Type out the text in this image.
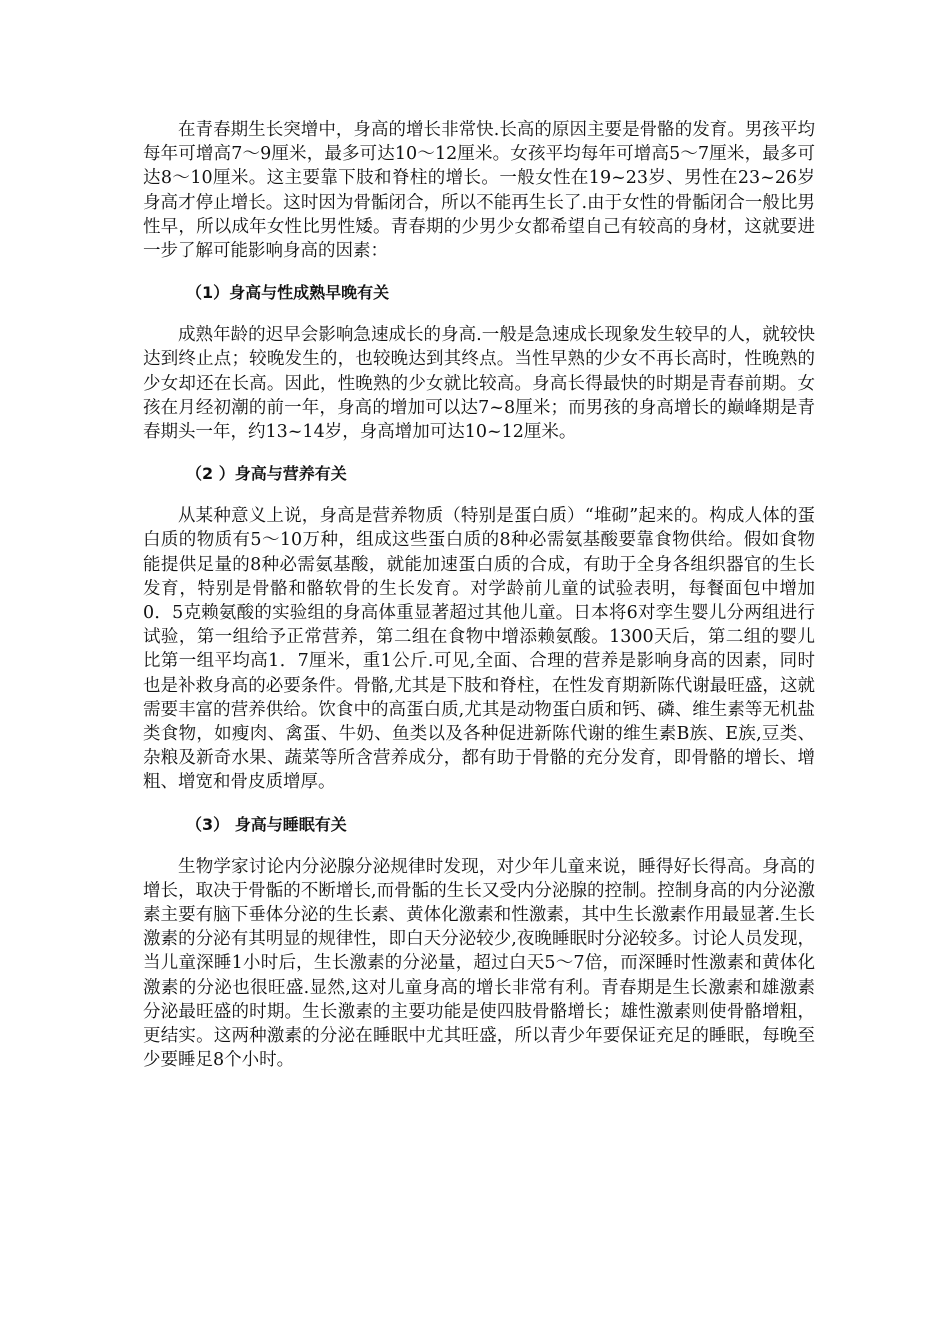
在青春期生长突增中，身高的增长非常快.长高的原因主要是骨骼的发育。男孩平均每年可增高7～9厘米，最多可达10～12厘米。女孩平均每年可增高5～7厘米，最多可达8～10厘米。这主要靠下肢和脊柱的增长。一般女性在19~23岁、男性在23~26岁身高才停止增长。这时因为骨骺闭合，所以不能再生长了.由于女性的骨骺闭合一般比男性早，所以成年女性比男性矮。青春期的少男少女都希望自己有较高的身材，这就要进一步了解可能影响身高的因素：

（1）身高与性成熟早晚有关

成熟年龄的迟早会影响急速成长的身高.一般是急速成长现象发生较早的人，就较快达到终止点；较晚发生的，也较晚达到其终点。当性早熟的少女不再长高时，性晚熟的少女却还在长高。因此，性晚熟的少女就比较高。身高长得最快的时期是青春前期。女孩在月经初潮的前一年，身高的增加可以达7~8厘米；而男孩的身高增长的巅峰期是青春期头一年，约13~14岁，身高增加可达10~12厘米。

（2 ）身高与营养有关

从某种意义上说，身高是营养物质（特别是蛋白质）“堆砌”起来的。构成人体的蛋白质的物质有5～10万种，组成这些蛋白质的8种必需氨基酸要靠食物供给。假如食物能提供足量的8种必需氨基酸，就能加速蛋白质的合成，有助于全身各组织器官的生长发育，特别是骨骼和骼软骨的生长发育。对学龄前儿童的试验表明，每餐面包中增加0．5克赖氨酸的实验组的身高体重显著超过其他儿童。日本将6对孪生婴儿分两组进行试验，第一组给予正常营养，第二组在食物中增添赖氨酸。1300天后，第二组的婴儿比第一组平均高1．7厘米，重1公斤.可见,全面、合理的营养是影响身高的因素，同时也是补救身高的必要条件。骨骼,尤其是下肢和脊柱，在性发育期新陈代谢最旺盛，这就需要丰富的营养供给。饮食中的高蛋白质,尤其是动物蛋白质和钙、磷、维生素等无机盐类食物，如瘦肉、禽蛋、牛奶、鱼类以及各种促进新陈代谢的维生素B族、E族,豆类、杂粮及新奇水果、蔬菜等所含营养成分，都有助于骨骼的充分发育，即骨骼的增长、增粗、增宽和骨皮质增厚。

（3） 身高与睡眠有关

生物学家讨论内分泌腺分泌规律时发现，对少年儿童来说，睡得好长得高。身高的增长，取决于骨骺的不断增长,而骨骺的生长又受内分泌腺的控制。控制身高的内分泌激素主要有脑下垂体分泌的生长素、黄体化激素和性激素，其中生长激素作用最显著.生长激素的分泌有其明显的规律性，即白天分泌较少,夜晚睡眠时分泌较多。讨论人员发现，当儿童深睡1小时后，生长激素的分泌量，超过白天5～7倍，而深睡时性激素和黄体化激素的分泌也很旺盛.显然,这对儿童身高的增长非常有利。青春期是生长激素和雄激素分泌最旺盛的时期。生长激素的主要功能是使四肢骨骼增长；雄性激素则使骨骼增粗，更结实。这两种激素的分泌在睡眠中尤其旺盛，所以青少年要保证充足的睡眠，每晚至少要睡足8个小时。
